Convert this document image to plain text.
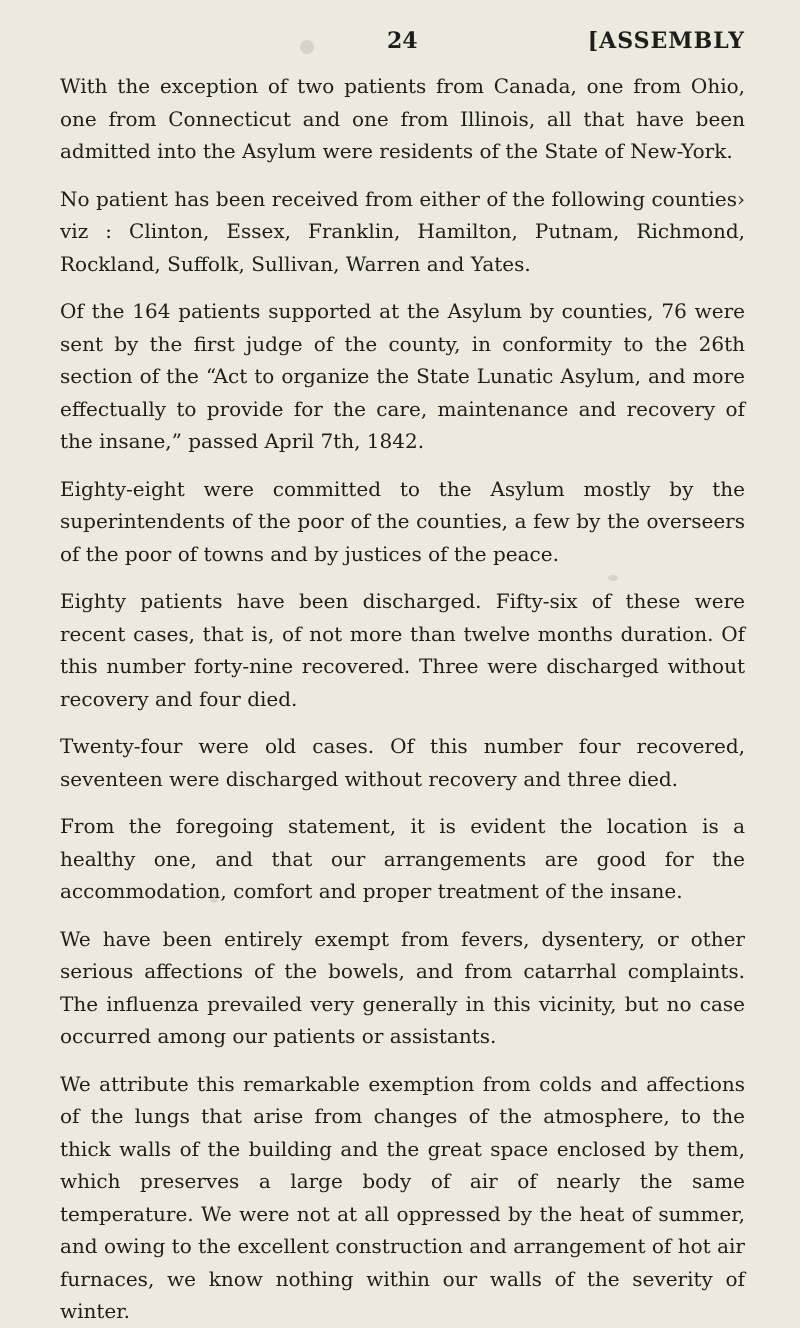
24	[ASSEMBLY

With the exception of two patients from Canada, one from Ohio, one from Connecticut and one from Illinois, all that have been admitted into the Asylum were residents of the State of New-York.

No patient has been received from either of the following counties› viz : Clinton, Essex, Franklin, Hamilton, Putnam, Richmond, Rockland, Suffolk, Sullivan, Warren and Yates.

Of the 164 patients supported at the Asylum by counties, 76 were sent by the first judge of the county, in conformity to the 26th section of the “Act to organize the State Lunatic Asylum, and more effectually to provide for the care, maintenance and recovery of the insane,” passed April 7th, 1842.

Eighty-eight were committed to the Asylum mostly by the superintendents of the poor of the counties, a few by the overseers of the poor of towns and by justices of the peace.

Eighty patients have been discharged. Fifty-six of these were recent cases, that is, of not more than twelve months duration. Of this number forty-nine recovered. Three were discharged without recovery and four died.

Twenty-four were old cases. Of this number four recovered, seventeen were discharged without recovery and three died.

From the foregoing statement, it is evident the location is a healthy one, and that our arrangements are good for the accommodation, comfort and proper treatment of the insane.

We have been entirely exempt from fevers, dysentery, or other serious affections of the bowels, and from catarrhal complaints. The influenza prevailed very generally in this vicinity, but no case occurred among our patients or assistants.

We attribute this remarkable exemption from colds and affections of the lungs that arise from changes of the atmosphere, to the thick walls of the building and the great space enclosed by them, which preserves a large body of air of nearly the same temperature. We were not at all oppressed by the heat of summer, and owing to the excellent construction and arrangement of hot air furnaces, we know nothing within our walls of the severity of winter.
